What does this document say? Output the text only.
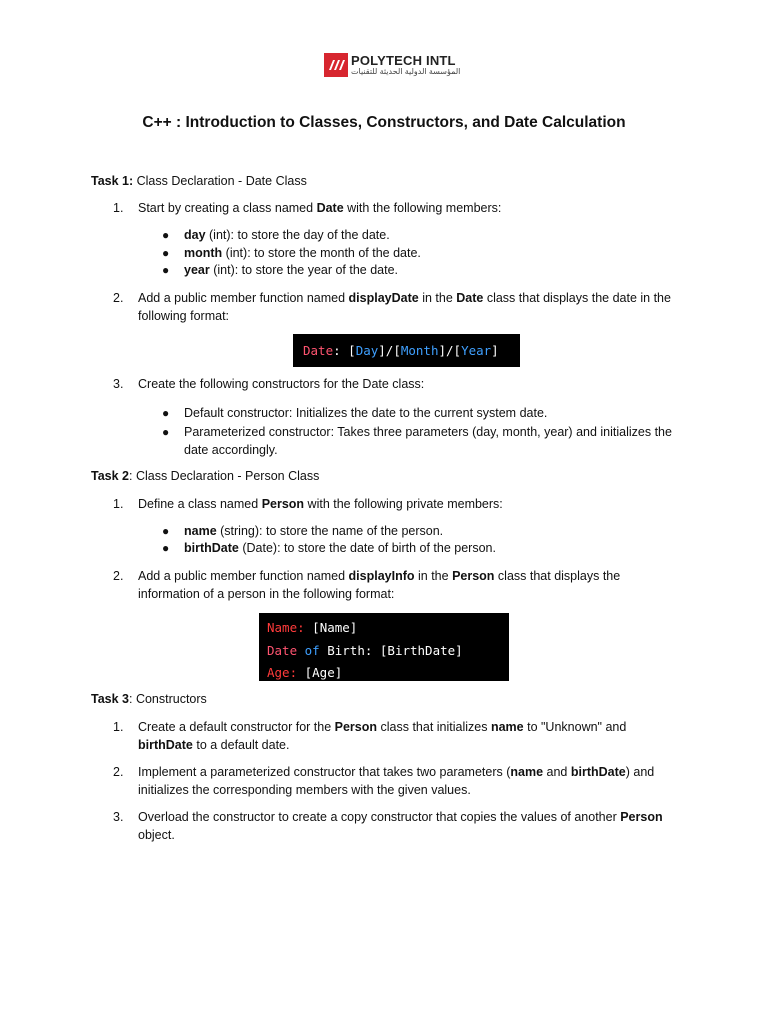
POLYTECH INTL
المؤسسة الدولية الحديثة للتقنيات
C++ : Introduction to Classes, Constructors, and Date Calculation
Task 1: Class Declaration - Date Class
1. Start by creating a class named Date with the following members:
● day (int): to store the day of the date.
● month (int): to store the month of the date.
● year (int): to store the year of the date.
2. Add a public member function named displayDate in the Date class that displays the date in the following format:
Date : [ Day ]/[ Month ]/[ Year ]
3. Create the following constructors for the Date class:
● Default constructor: Initializes the date to the current system date.
● Parameterized constructor: Takes three parameters (day, month, year) and initializes the date accordingly.
Task 2: Class Declaration - Person Class
1. Define a class named Person with the following private members:
● name (string): to store the name of the person.
● birthDate (Date): to store the date of birth of the person.
2. Add a public member function named displayInfo in the Person class that displays the information of a person in the following format:
Name: [Name]
Date of Birth: [BirthDate]
Age: [Age]
Task 3: Constructors
1. Create a default constructor for the Person class that initializes name to "Unknown" and birthDate to a default date.
2. Implement a parameterized constructor that takes two parameters (name and birthDate) and initializes the corresponding members with the given values.
3. Overload the constructor to create a copy constructor that copies the values of another Person object.
